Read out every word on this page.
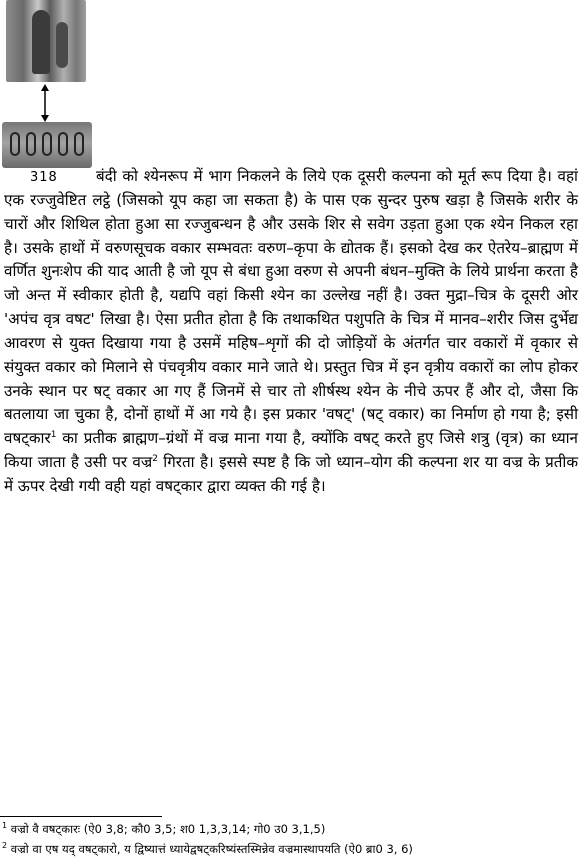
318	बंदी को श्येनरूप में भाग निकलने के लिये एक दूसरी कल्पना को मूर्त रूप दिया है। वहां एक रज्जुवेष्टित लट्ठे (जिसको यूप कहा जा सकता है) के पास एक सुन्दर पुरुष खड़ा है जिसके शरीर के चारों और शिथिल होता हुआ सा रज्जुबन्धन है और उसके शिर से सवेग उड़ता हुआ एक श्येन निकल रहा है। उसके हाथों में वरुणसूचक वकार सम्भवतः वरुण–कृपा के द्योतक हैं। इसको देख कर ऐतरेय–ब्राह्मण में वर्णित शुनःशेप की याद आती है जो यूप से बंधा हुआ वरुण से अपनी बंधन–मुक्ति के लिये प्रार्थना करता है जो अन्त में स्वीकार होती है, यद्यपि वहां किसी श्येन का उल्लेख नहीं है। उक्त मुद्रा–चित्र के दूसरी ओर 'अपंच वृत्र वषट' लिखा है। ऐसा प्रतीत होता है कि तथाकथित पशुपति के चित्र में मानव–शरीर जिस दुर्भेद्य आवरण से युक्त दिखाया गया है उसमें महिष–शृगों की दो जोड़ियों के अंतर्गत चार वकारों में वृकार से संयुक्त वकार को मिलाने से पंचवृत्रीय वकार माने जाते थे। प्रस्तुत चित्र में इन वृत्रीय वकारों का लोप होकर उनके स्थान पर षट् वकार आ गए हैं जिनमें से चार तो शीर्षस्थ श्येन के नीचे ऊपर हैं और दो, जैसा कि बतलाया जा चुका है, दोनों हाथों में आ गये है। इस प्रकार 'वषट्' (षट् वकार) का निर्माण हो गया है; इसी वषट्कार$^1$ का प्रतीक ब्राह्मण–ग्रंथों में वज्र माना गया है, क्योंकि वषट् करते हुए जिसे शत्रु (वृत्र) का ध्यान किया जाता है उसी पर वज्र$^2$ गिरता है। इससे स्पष्ट है कि जो ध्यान–योग की कल्पना शर या वज्र के प्रतीक में ऊपर देखी गयी वही यहां वषट्कार द्वारा व्यक्त की गई है।

$^1$ वज्रो वै वषट्कारः (ऐ0 3,8; कौ0 3,5; श0 1,3,3,14; गो0 उ0 3,1,5)
$^2$ वज्रो वा एष यद् वषट्कारो, य द्विष्यात्तं ध्यायेद्वषट्करिष्यंस्तस्मिन्नेव वज्रमास्थापयति (ऐ0 ब्रा0 3, 6)
